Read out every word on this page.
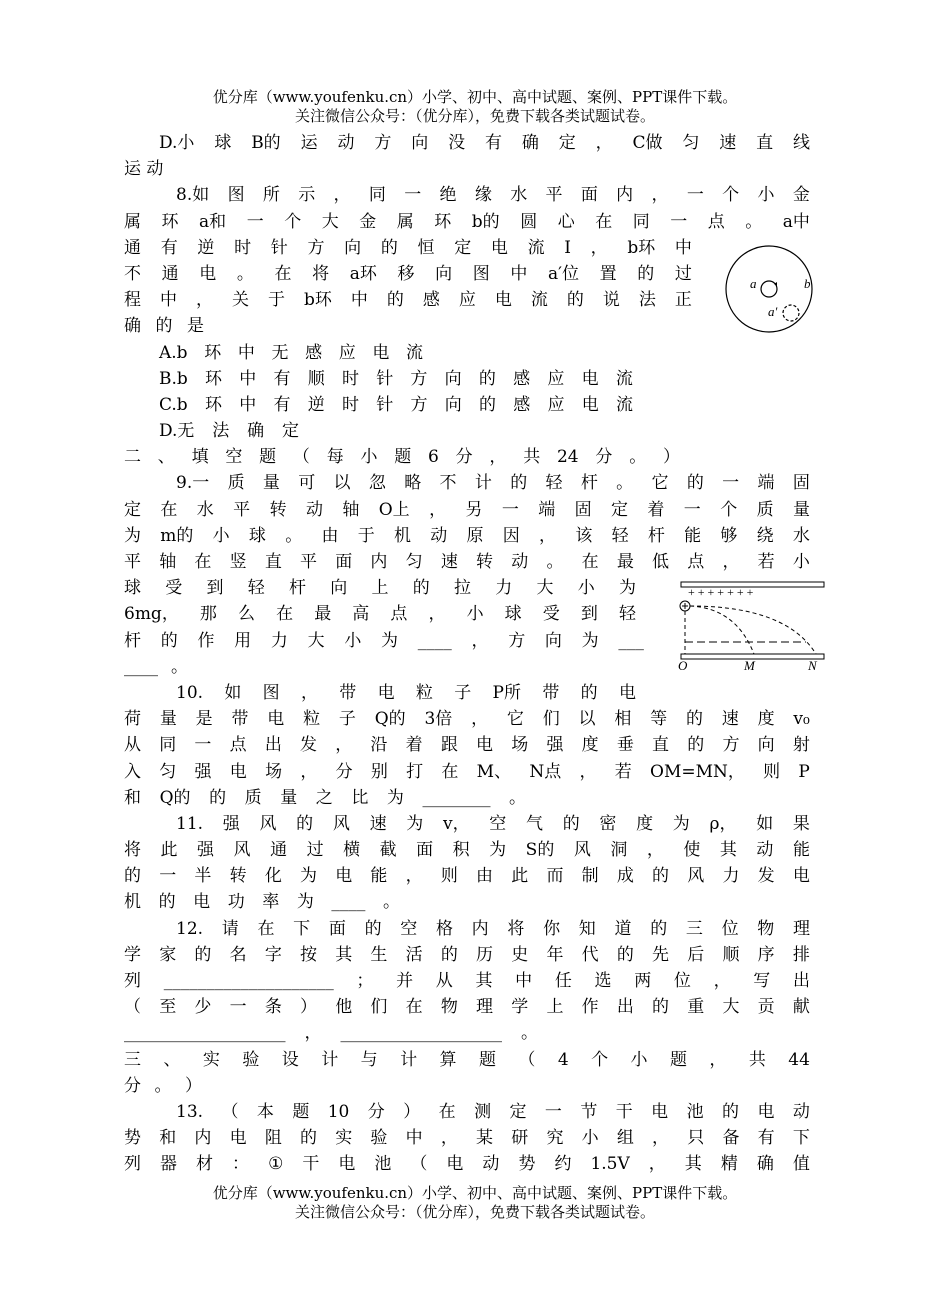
优分库（www.youfenku.cn）小学、初中、高中试题、案例、PPT课件下载。
关注微信公众号：（优分库），免费下载各类试题试卷。
D.小 球 B的 运 动 方 向 没 有 确 定 ， C做 匀 速 直 线
运 动
8.如 图 所 示 ， 同 一 绝 缘 水 平 面 内 ， 一 个 小 金
属 环 a和 一 个 大 金 属 环 b的 圆 心 在 同 一 点 。 a中
通 有 逆 时 针 方 向 的 恒 定 电 流 I ， b环 中
不 通 电 。 在 将 a环 移 向 图 中 a′位 置 的 过
程 中 ， 关 于 b环 中 的 感 应 电 流 的 说 法 正
确 的 是
A.b 环 中 无 感 应 电 流
B.b 环 中 有 顺 时 针 方 向 的 感 应 电 流
C.b 环 中 有 逆 时 针 方 向 的 感 应 电 流
D.无 法 确 定
二 、 填 空 题 （ 每 小 题 6 分 ， 共 24 分 。 ）
9.一 质 量 可 以 忽 略 不 计 的 轻 杆 。 它 的 一 端 固
定 在 水 平 转 动 轴 O上 ， 另 一 端 固 定 着 一 个 质 量
为 m的 小 球 。 由 于 机 动 原 因 ， 该 轻 杆 能 够 绕 水
平 轴 在 竖 直 平 面 内 匀 速 转 动 。 在 最 低 点 ， 若 小
球 受 到 轻 杆 向 上 的 拉 力 大 小 为
6mg， 那 么 在 最 高 点 ， 小 球 受 到 轻
杆 的 作 用 力 大 小 为 ____ ， 方 向 为 ___
____ 。
10. 如 图 ， 带 电 粒 子 P所 带 的 电
荷 量 是 带 电 粒 子 Q的 3倍 ， 它 们 以 相 等 的 速 度 v₀
从 同 一 点 出 发 ， 沿 着 跟 电 场 强 度 垂 直 的 方 向 射
入 匀 强 电 场 ， 分 别 打 在 M、 N点 ， 若 OM=MN， 则 P
和 Q的 的 质 量 之 比 为 ________ 。
11. 强 风 的 风 速 为 v， 空 气 的 密 度 为 ρ， 如 果
将 此 强 风 通 过 横 截 面 积 为 S的 风 洞 ， 使 其 动 能
的 一 半 转 化 为 电 能 ， 则 由 此 而 制 成 的 风 力 发 电
机 的 电 功 率 为 ____ 。
12. 请 在 下 面 的 空 格 内 将 你 知 道 的 三 位 物 理
学 家 的 名 字 按 其 生 活 的 历 史 年 代 的 先 后 顺 序 排
列 ____________________ ； 并 从 其 中 任 选 两 位 ， 写 出
（ 至 少 一 条 ） 他 们 在 物 理 学 上 作 出 的 重 大 贡 献
___________________ ， ___________________ 。
三 、 实 验 设 计 与 计 算 题 （ 4 个 小 题 ， 共 44
分 。 ）
13. （ 本 题 10 分 ） 在 测 定 一 节 干 电 池 的 电 动
势 和 内 电 阻 的 实 验 中 ， 某 研 究 小 组 ， 只 备 有 下
列 器 材 ： ① 干 电 池 （ 电 动 势 约 1.5V ， 其 精 确 值
a	b
a′
+ + + + + + +
O	M	N
优分库（www.youfenku.cn）小学、初中、高中试题、案例、PPT课件下载。
关注微信公众号：（优分库），免费下载各类试题试卷。
